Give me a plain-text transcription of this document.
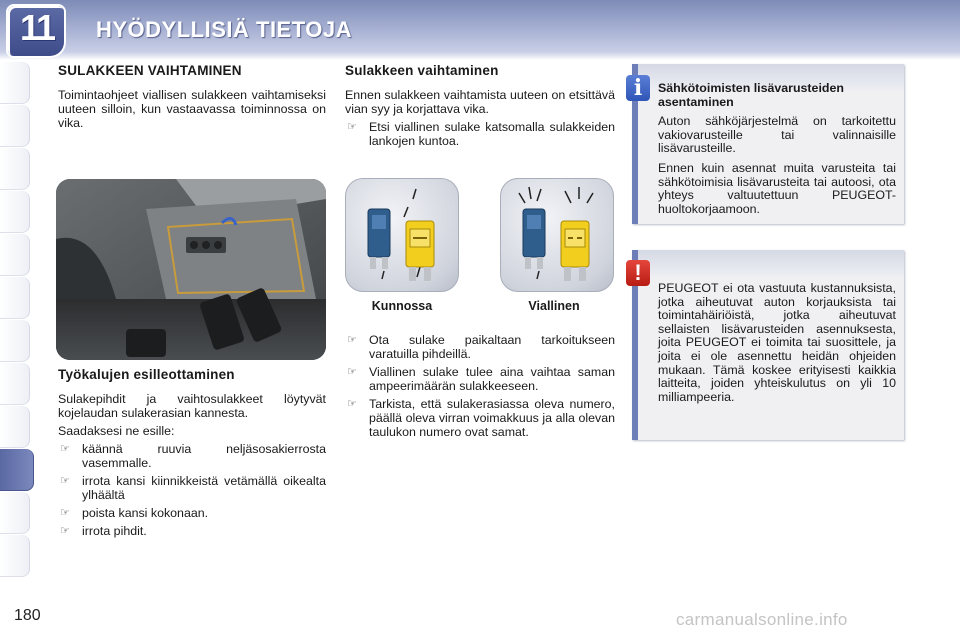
11 HYÖDYLLISIÄ TIETOJA
SULAKKEEN VAIHTAMINEN

Toimintaohjeet viallisen sulakkeen vaihtamiseksi uuteen silloin, kun vastaavassa toiminnossa on vika.

Työkalujen esilleottaminen

Sulakepihdit ja vaihtosulakkeet löytyvät kojelaudan sulakerasian kannesta.

Saadaksesi ne esille:

☞ käännä ruuvia neljäsosakierrosta vasemmalle.
☞ irrota kansi kiinnikkeistä vetämällä oikealta ylhäältä
☞ poista kansi kokonaan.
☞ irrota pihdit.
Sulakkeen vaihtaminen

Ennen sulakkeen vaihtamista uuteen on etsittävä vian syy ja korjattava vika.

☞ Etsi viallinen sulake katsomalla sulakkeiden lankojen kuntoa.
Kunnossa	Viallinen
☞ Ota sulake paikaltaan tarkoitukseen varatuilla pihdeillä.
☞ Viallinen sulake tulee aina vaihtaa saman ampeerimäärän sulakkeeseen.
☞ Tarkista, että sulakerasiassa oleva numero, päällä oleva virran voimakkuus ja alla olevan taulukon numero ovat samat.
i	Sähkötoimisten lisävarusteiden asentaminen

Auton sähköjärjestelmä on tarkoitettu vakiovarusteille tai valinnaisille lisävarusteille.

Ennen kuin asennat muita varusteita tai sähkötoimisia lisävarusteita tai autoosi, ota yhteys valtuutettuun PEUGEOT-huoltokorjaamoon.

!

PEUGEOT ei ota vastuuta kustannuksista, jotka aiheutuvat auton korjauksista tai toimintahäiriöistä, jotka aiheutuvat sellaisten lisävarusteiden asennuksesta, joita PEUGEOT ei toimita tai suosittele, ja joita ei ole asennettu heidän ohjeiden mukaan. Tämä koskee erityisesti kaikkia laitteita, joiden yhteiskulutus on yli 10 milliampeeria.

180	carmanualsonline.info
